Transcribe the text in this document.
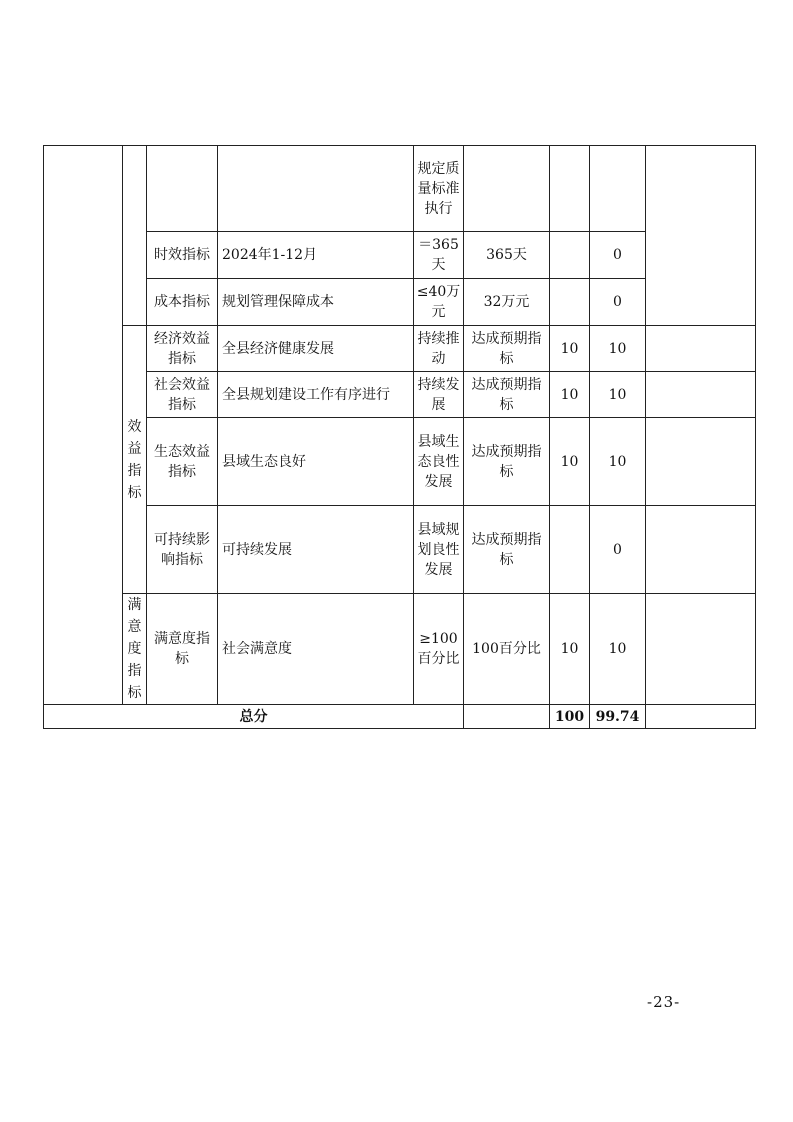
				规定质量标准执行				
		时效指标	2024年1-12月	＝365天	365天		0	
		成本指标	规划管理保障成本	≤40万元	32万元		0	
	效益指标	经济效益指标	全县经济健康发展	持续推动	达成预期指标	10	10	
		社会效益指标	全县规划建设工作有序进行	持续发展	达成预期指标	10	10	
		生态效益指标	县域生态良好	县域生态良性发展	达成预期指标	10	10	
		可持续影响指标	可持续发展	县域规划良性发展	达成预期指标		0	
	满意度指标	满意度指标	社会满意度	≥100百分比	100百分比	10	10	
总分						100	99.74	
-23-
